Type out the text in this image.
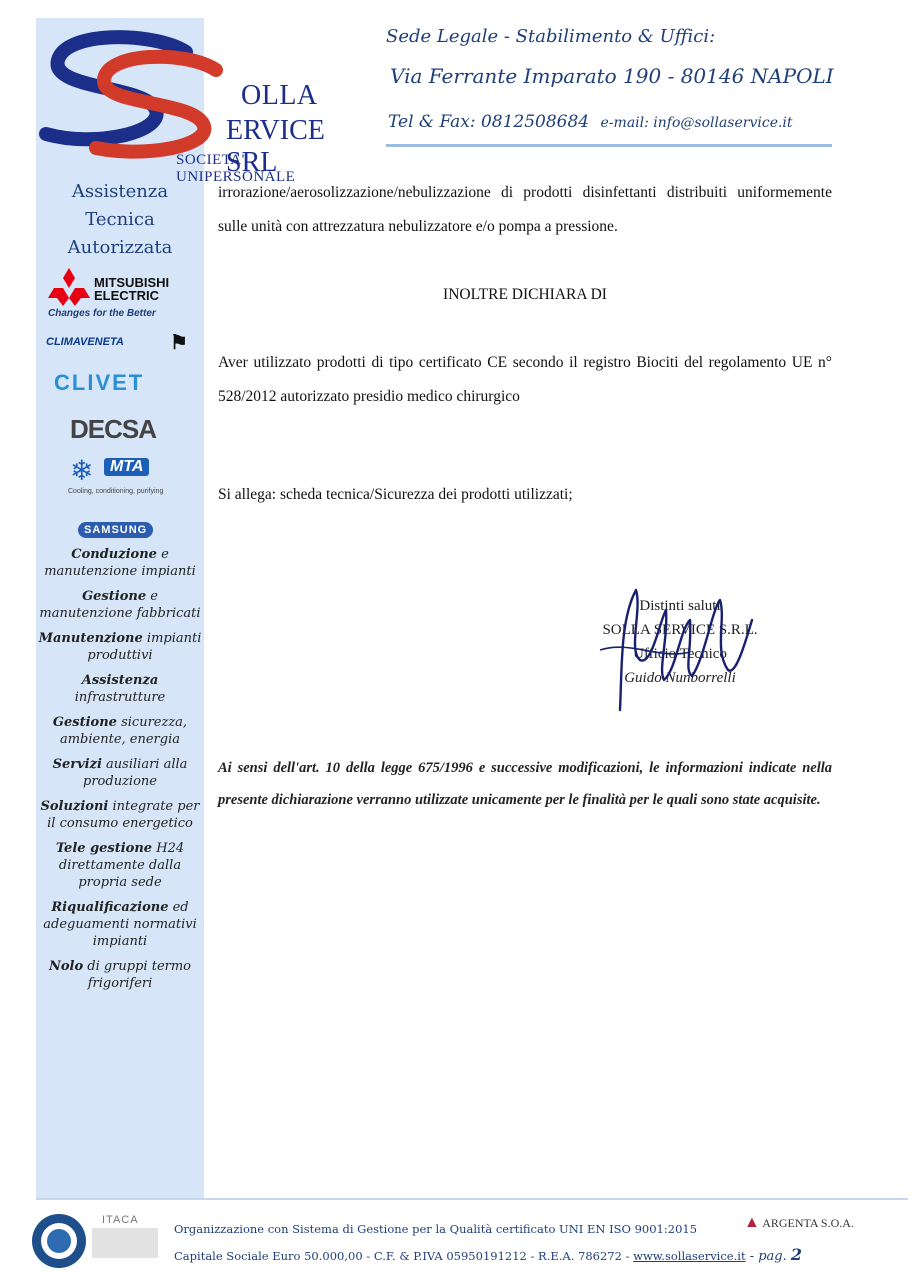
OLLA
ERVICE SRL
SOCIETA' UNIPERSONALE
Sede Legale - Stabilimento & Uffici:
Via Ferrante Imparato 190 - 80146 NAPOLI
Tel & Fax: 0812508684 e-mail: info@sollaservice.it
Assistenza
Tecnica
Autorizzata
MITSUBISHI
ELECTRIC
Changes for the Better
CLIMAVENETA ⚑
CLIVET
DECSA
❄	MTA
Cooling, conditioning, purifying
SAMSUNG
Conduzione e manutenzione impianti
Gestione e manutenzione fabbricati
Manutenzione impianti produttivi
Assistenza infrastrutture
Gestione sicurezza, ambiente, energia
Servizi ausiliari alla produzione
Soluzioni integrate per il consumo energetico
Tele gestione H24 direttamente dalla propria sede
Riqualificazione ed adeguamenti normativi impianti
Nolo di gruppi termo frigoriferi
irrorazione/aerosolizzazione/nebulizzazione di prodotti disinfettanti distribuiti uniformemente sulle unità con attrezzatura nebulizzatore e/o pompa a pressione.
INOLTRE DICHIARA DI
Aver utilizzato prodotti di tipo certificato CE secondo il registro Biociti del regolamento UE n° 528/2012 autorizzato presidio medico chirurgico
Si allega: scheda tecnica/Sicurezza dei prodotti utilizzati;
Distinti saluti
SOLLA SERVICE S.R.L.
Ufficio Tecnico
Guido Nunborrelli
Ai sensi dell'art. 10 della legge 675/1996 e successive modificazioni, le informazioni indicate nella presente dichiarazione verranno utilizzate unicamente per le finalità per le quali sono state acquisite.
ITACA
Organizzazione con Sistema di Gestione per la Qualità certificato UNI EN ISO 9001:2015
Capitale Sociale Euro 50.000,00 - C.F. & P.IVA 05950191212 - R.E.A. 786272 - www.sollaservice.it - pag. 2
▲ ARGENTA S.O.A.
